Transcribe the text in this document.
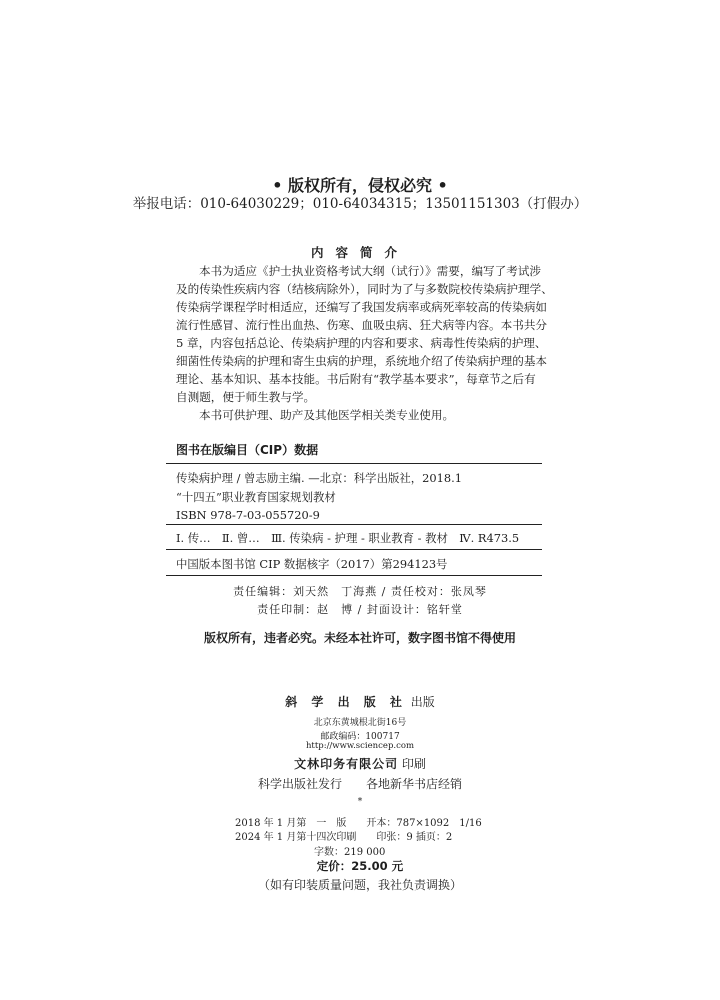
• 版权所有，侵权必究 •
举报电话：010-64030229；010-64034315；13501151303（打假办）
内容简介

本书为适应《护士执业资格考试大纲（试行）》需要，编写了考试涉

及的传染性疾病内容（结核病除外），同时为了与多数院校传染病护理学、

传染病学课程学时相适应，还编写了我国发病率或病死率较高的传染病如

流行性感冒、流行性出血热、伤寒、血吸虫病、狂犬病等内容。本书共分

5 章，内容包括总论、传染病护理的内容和要求、病毒性传染病的护理、

细菌性传染病的护理和寄生虫病的护理，系统地介绍了传染病护理的基本

理论、基本知识、基本技能。书后附有“教学基本要求”，每章节之后有

自测题，便于师生教与学。

本书可供护理、助产及其他医学相关类专业使用。

图书在版编目（CIP）数据
传染病护理 / 曾志励主编. —北京：科学出版社，2018.1
“十四五”职业教育国家规划教材
ISBN 978-7-03-055720-9
Ⅰ. 传…　Ⅱ. 曾…　Ⅲ. 传染病 - 护理 - 职业教育 - 教材　Ⅳ. R473.5
中国版本图书馆 CIP 数据核字（2017）第294123号
责任编辑：刘天然　丁海燕 / 责任校对：张凤琴
责任印制：赵　博 / 封面设计：铭轩堂
版权所有，违者必究。未经本社许可，数字图书馆不得使用
斜 学 出 版 社 出版
北京东黄城根北街16号
邮政编码：100717
http://www.sciencep.com
文林印务有限公司 印刷
科学出版社发行　　各地新华书店经销
*
2018 年 1 月第　一　版　　开本：787×1092　1/16
2024 年 1 月第十四次印刷　　印张：9 插页：2
字数：219 000
定价：25.00 元
（如有印装质量问题，我社负责调换）
